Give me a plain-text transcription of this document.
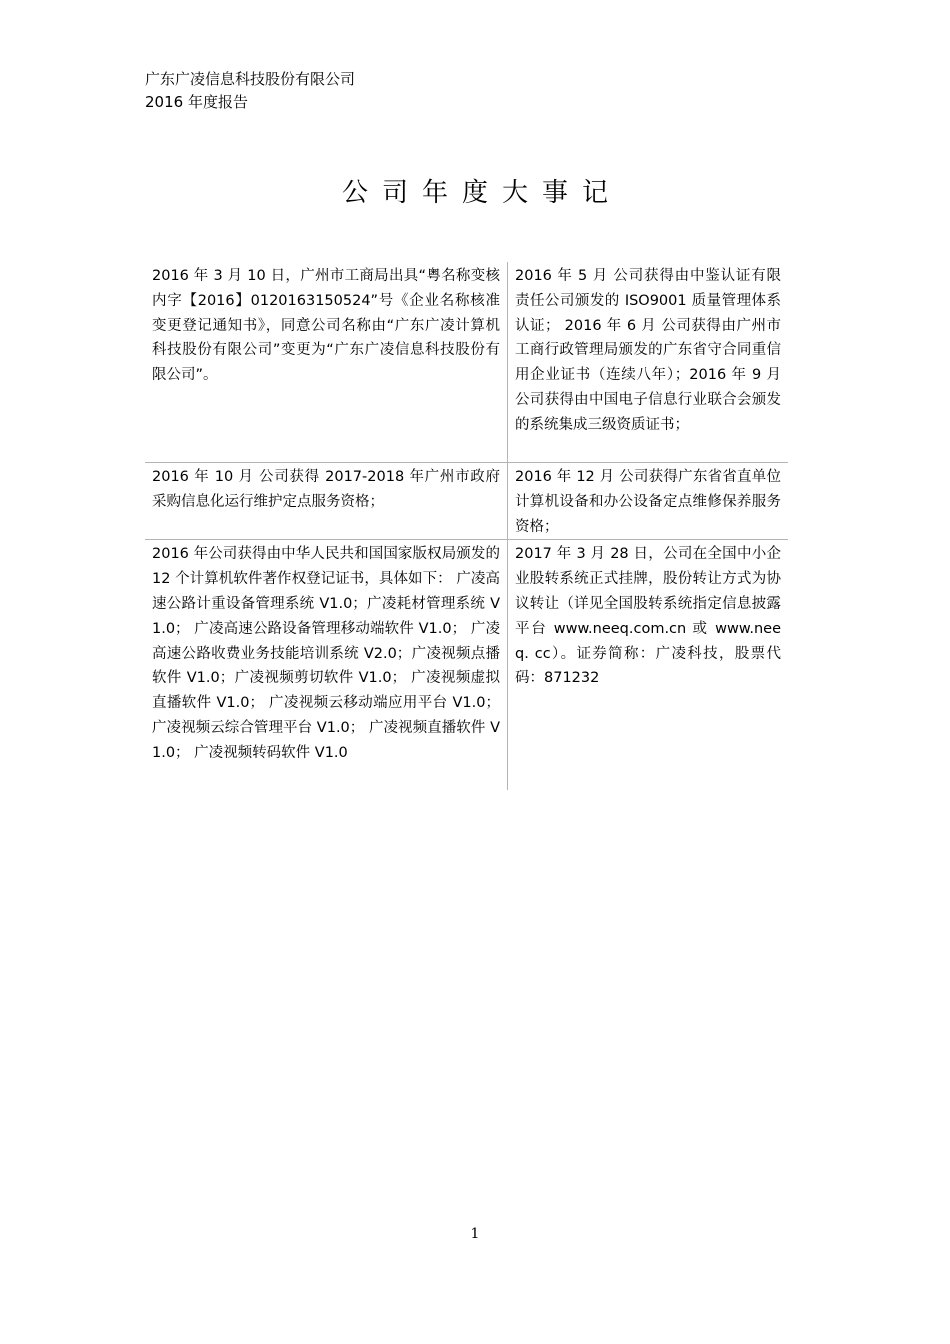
广东广凌信息科技股份有限公司
2016 年度报告
公司年度大事记
2016 年 3 月 10 日，广州市工商局出具“粤名称变核内字【2016】0120163150524”号《企业名称核准变更登记通知书》，同意公司名称由“广东广凌计算机科技股份有限公司”变更为“广东广凌信息科技股份有限公司”。	2016 年 5 月 公司获得由中鉴认证有限责任公司颁发的 ISO9001 质量管理体系认证； 2016 年 6 月 公司获得由广州市工商行政管理局颁发的广东省守合同重信用企业证书（连续八年）；2016 年 9 月 公司获得由中国电子信息行业联合会颁发的系统集成三级资质证书；
2016 年 10 月 公司获得 2017-2018 年广州市政府采购信息化运行维护定点服务资格；	2016 年 12 月 公司获得广东省省直单位计算机设备和办公设备定点维修保养服务资格；
2016 年公司获得由中华人民共和国国家版权局颁发的 12 个计算机软件著作权登记证书，具体如下： 广凌高速公路计重设备管理系统 V1.0；广凌耗材管理系统 V1.0； 广凌高速公路设备管理移动端软件 V1.0； 广凌高速公路收费业务技能培训系统 V2.0；广凌视频点播软件 V1.0；广凌视频剪切软件 V1.0； 广凌视频虚拟直播软件 V1.0； 广凌视频云移动端应用平台 V1.0； 广凌视频云综合管理平台 V1.0； 广凌视频直播软件 V1.0； 广凌视频转码软件 V1.0	2017 年 3 月 28 日，公司在全国中小企业股转系统正式挂牌，股份转让方式为协议转让（详见全国股转系统指定信息披露平台 www.neeq.com.cn 或 www.neeq. cc）。证券简称：广凌科技，股票代码：871232
1
